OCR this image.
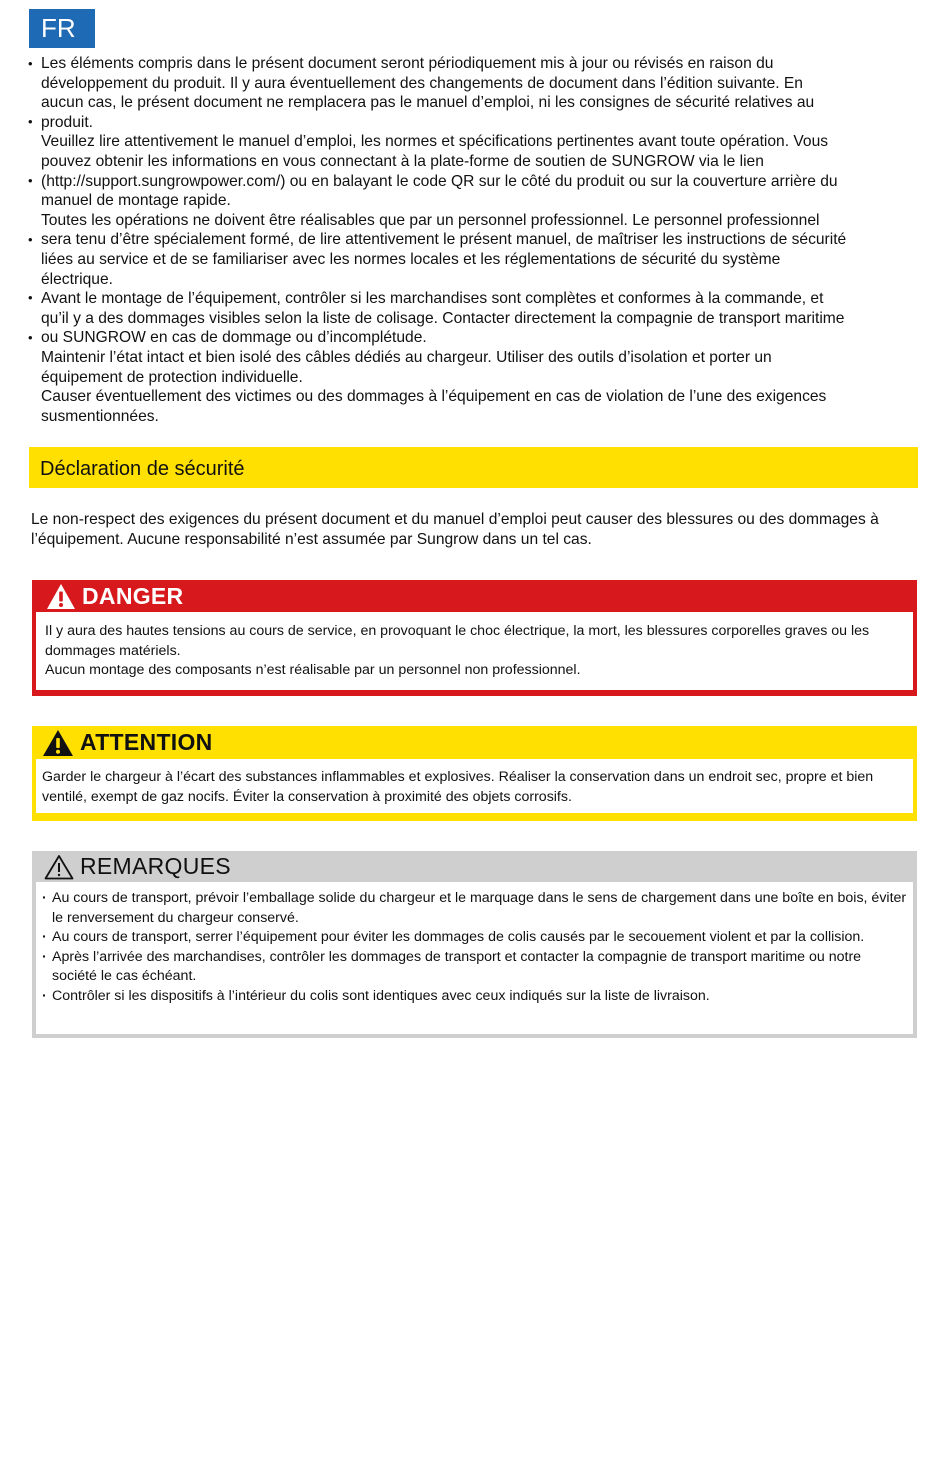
FR
•
•
•
•
•
•
Les éléments compris dans le présent document seront périodiquement mis à jour ou révisés en raison du
développement du produit. Il y aura éventuellement des changements de document dans l’édition suivante. En
aucun cas, le présent document ne remplacera pas le manuel d’emploi, ni les consignes de sécurité relatives au
produit.
Veuillez lire attentivement le manuel d’emploi, les normes et spécifications pertinentes avant toute opération. Vous
pouvez obtenir les informations en vous connectant à la plate-forme de soutien de SUNGROW via le lien
(http://support.sungrowpower.com/) ou en balayant le code QR sur le côté du produit ou sur la couverture arrière du
manuel de montage rapide.
Toutes les opérations ne doivent être réalisables que par un personnel professionnel. Le personnel professionnel
sera tenu d’être spécialement formé, de lire attentivement le présent manuel, de maîtriser les instructions de sécurité
liées au service et de se familiariser avec les normes locales et les réglementations de sécurité du système
électrique.
Avant le montage de l’équipement, contrôler si les marchandises sont complètes et conformes à la commande, et
qu’il y a des dommages visibles selon la liste de colisage. Contacter directement la compagnie de transport maritime
ou SUNGROW en cas de dommage ou d’incomplétude.
Maintenir l’état intact et bien isolé des câbles dédiés au chargeur. Utiliser des outils d’isolation et porter un
équipement de protection individuelle.
Causer éventuellement des victimes ou des dommages à l’équipement en cas de violation de l’une des exigences
susmentionnées.
Déclaration de sécurité
Le non-respect des exigences du présent document et du manuel d’emploi peut causer des blessures ou des dommages à l’équipement. Aucune responsabilité n’est assumée par Sungrow dans un tel cas.
DANGER
Il y aura des hautes tensions au cours de service, en provoquant le choc électrique, la mort, les blessures corporelles graves ou les dommages matériels.
Aucun montage des composants n’est réalisable par un personnel non professionnel.
ATTENTION
Garder le chargeur à l’écart des substances inflammables et explosives. Réaliser la conservation dans un endroit sec, propre et bien ventilé, exempt de gaz nocifs. Éviter la conservation à proximité des objets corrosifs.
REMARQUES
· Au cours de transport, prévoir l’emballage solide du chargeur et le marquage dans le sens de chargement dans une boîte en bois, éviter le renversement du chargeur conservé.
· Au cours de transport, serrer l’équipement pour éviter les dommages de colis causés par le secouement violent et par la collision.
· Après l’arrivée des marchandises, contrôler les dommages de transport et contacter la compagnie de transport maritime ou notre société le cas échéant.
· Contrôler si les dispositifs à l’intérieur du colis sont identiques avec ceux indiqués sur la liste de livraison.
